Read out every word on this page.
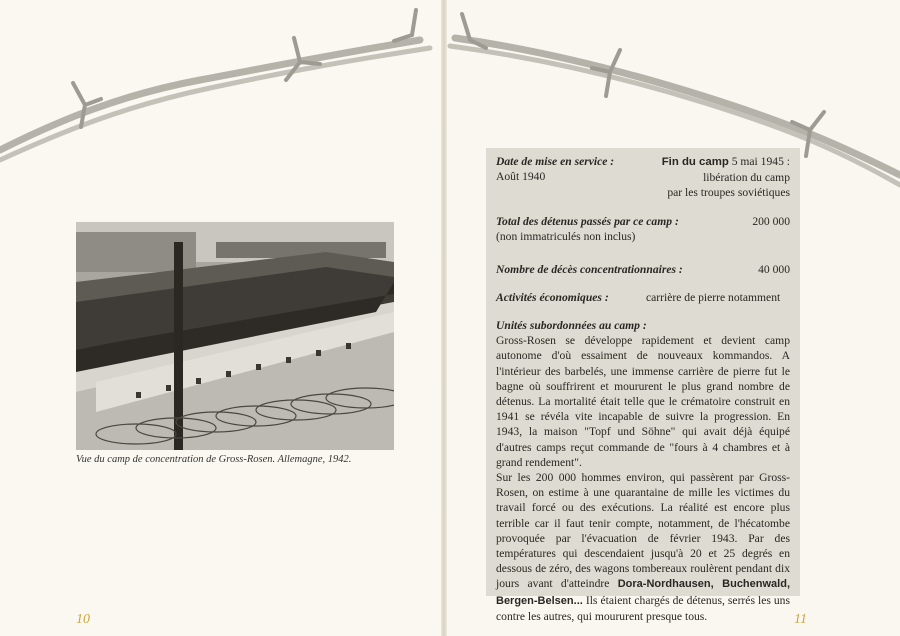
Vue du camp de concentration de Gross-Rosen. Allemagne, 1942.
10
Date de mise en service :
Août 1940
Fin du camp 5 mai 1945 :
libération du camp
par les troupes soviétiques
Total des détenus passés par ce camp :
(non immatriculés non inclus)
200 000
Nombre de décès concentrationnaires :	40 000
Activités économiques :	carrière de pierre notamment
Unités subordonnées au camp :
Gross-Rosen se développe rapidement et devient camp autonome d'où essaiment de nouveaux kommandos. A l'intérieur des barbelés, une immense carrière de pierre fut le bagne où souffrirent et moururent le plus grand nombre de détenus. La mortalité était telle que le crématoire construit en 1941 se révéla vite incapable de suivre la progression. En 1943, la maison "Topf und Söhne" qui avait déjà équipé d'autres camps reçut commande de "fours à 4 chambres et à grand rendement".
Sur les 200 000 hommes environ, qui passèrent par Gross-Rosen, on estime à une quarantaine de mille les victimes du travail forcé ou des exécutions. La réalité est encore plus terrible car il faut tenir compte, notamment, de l'hécatombe provoquée par l'évacuation de février 1943. Par des températures qui descendaient jusqu'à 20 et 25 degrés en dessous de zéro, des wagons tombereaux roulèrent pendant dix jours avant d'atteindre Dora-Nordhausen, Buchenwald, Bergen-Belsen... Ils étaient chargés de détenus, serrés les uns contre les autres, qui moururent presque tous.	11
